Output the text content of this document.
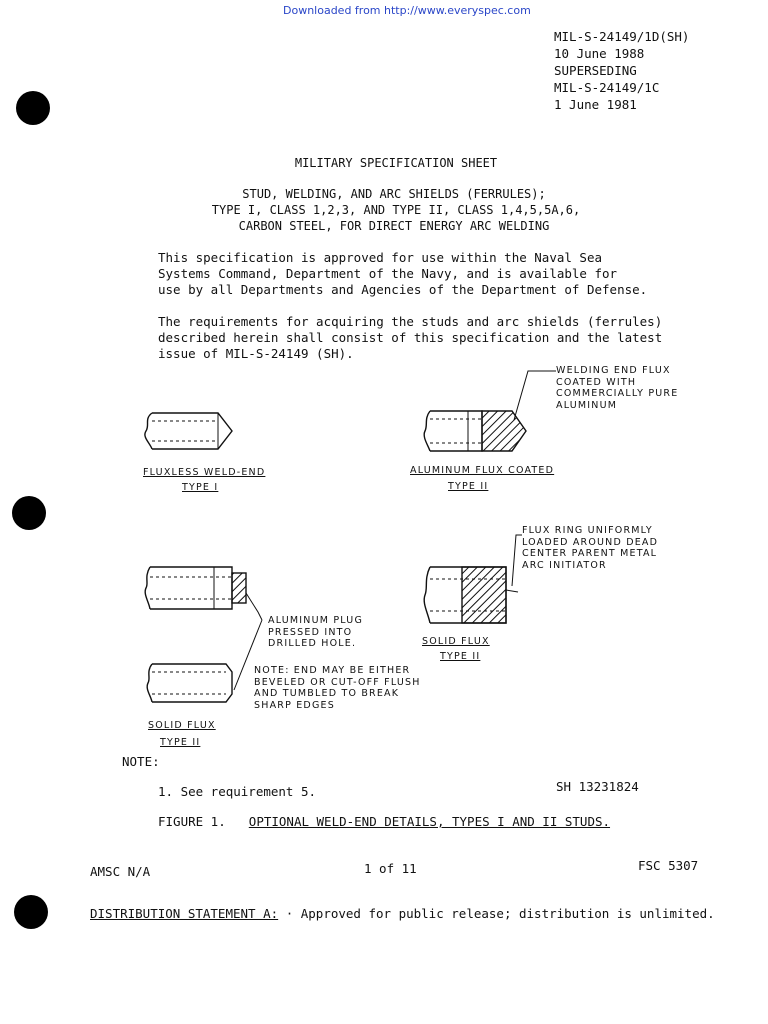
Downloaded from http://www.everyspec.com
MIL-S-24149/1D(SH)
10 June 1988
SUPERSEDING
MIL-S-24149/1C
1 June 1981
MILITARY SPECIFICATION SHEET
STUD, WELDING, AND ARC SHIELDS (FERRULES);
TYPE I, CLASS 1,2,3, AND TYPE II, CLASS 1,4,5,5A,6,
CARBON STEEL, FOR DIRECT ENERGY ARC WELDING
This specification is approved for use within the Naval Sea
Systems Command, Department of the Navy, and is available for
use by all Departments and Agencies of the Department of Defense.
The requirements for acquiring the studs and arc shields (ferrules)
described herein shall consist of this specification and the latest
issue of MIL-S-24149 (SH).
WELDING END FLUX
COATED WITH
COMMERCIALLY PURE
ALUMINUM
FLUXLESS WELD-END
TYPE I
ALUMINUM FLUX COATED
TYPE II
FLUX RING UNIFORMLY
LOADED AROUND DEAD
CENTER PARENT METAL
ARC INITIATOR
ALUMINUM PLUG
PRESSED INTO
DRILLED HOLE.	SOLID FLUX
TYPE II
NOTE: END MAY BE EITHER
BEVELED OR CUT-OFF FLUSH
AND TUMBLED TO BREAK
SHARP EDGES
SOLID FLUX
TYPE II
NOTE:
1. See requirement 5.	SH 13231824
FIGURE 1. OPTIONAL WELD-END DETAILS, TYPES I AND II STUDS.
AMSC N/A	1 of 11	FSC 5307
DISTRIBUTION STATEMENT A: · Approved for public release; distribution is unlimited.
